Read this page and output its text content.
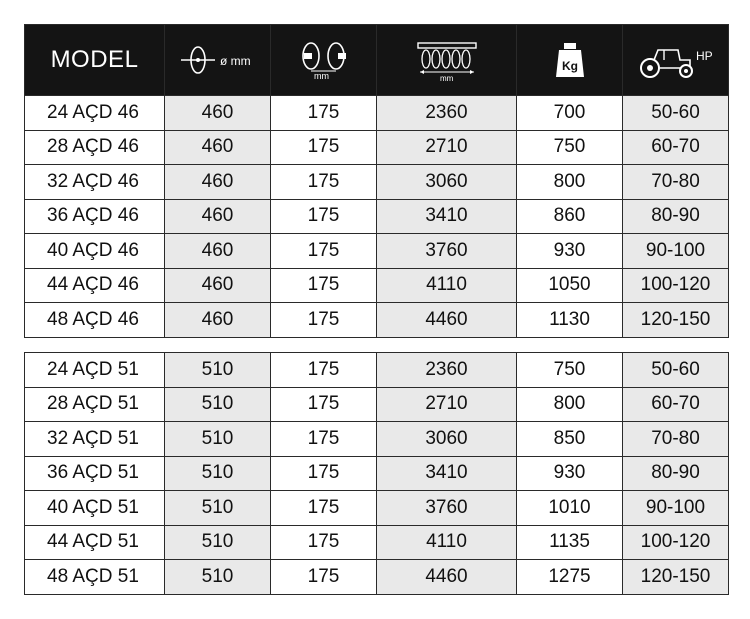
MODEL	ø mm	mm	mm	Kg	HP

24 AÇD 46	460	175	2360	700	50-60
28 AÇD 46	460	175	2710	750	60-70
32 AÇD 46	460	175	3060	800	70-80
36 AÇD 46	460	175	3410	860	80-90
40 AÇD 46	460	175	3760	930	90-100
44 AÇD 46	460	175	4110	1050	100-120
48 AÇD 46	460	175	4460	1130	120-150
24 AÇD 51	510	175	2360	750	50-60
28 AÇD 51	510	175	2710	800	60-70
32 AÇD 51	510	175	3060	850	70-80
36 AÇD 51	510	175	3410	930	80-90
40 AÇD 51	510	175	3760	1010	90-100
44 AÇD 51	510	175	4110	1135	100-120
48 AÇD 51	510	175	4460	1275	120-150
